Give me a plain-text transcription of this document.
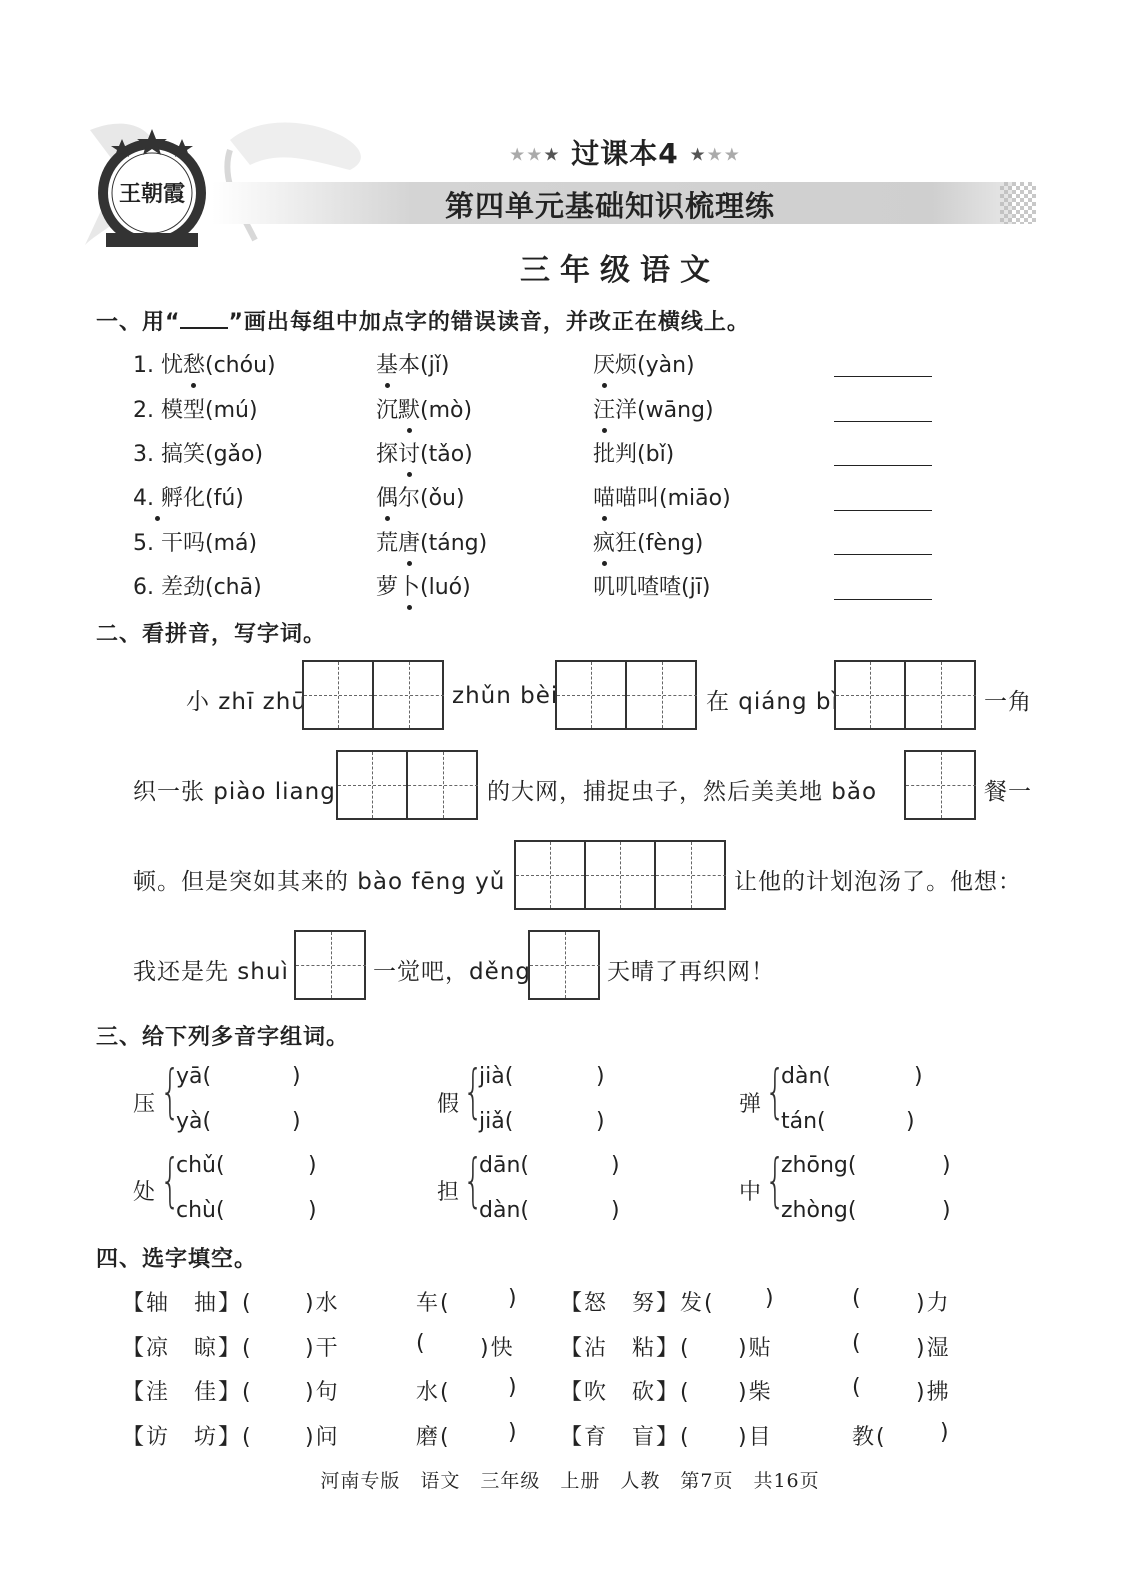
王朝霞
★★★ 过课本4 ★★★
第四单元基础知识梳理练
三年级语文
一、用“ ”画出每组中加点字的错误读音，并改正在横线上。
1. 忧愁(chóu)	基本(jǐ)	厌烦(yàn)
2. 模型(mú)	沉默(mò)	汪洋(wāng)
3. 搞笑(gǎo)	探讨(tǎo)	批判(bǐ)
4. 孵化(fú)	偶尔(ǒu)	喵喵叫(miāo)
5. 干吗(má)	荒唐(táng)	疯狂(fèng)
6. 差劲(chā)	萝卜(luó)	叽叽喳喳(jī)
二、看拼音，写字词。
小 zhī zhū	zhǔn bèi	在 qiáng bì	一角
织一张 piào liang	的大网，捕捉虫子，然后美美地 bǎo	餐一
顿。但是突如其来的 bào fēng yǔ	让他的计划泡汤了。他想：
我还是先 shuì	一觉吧，děng	天晴了再织网！
三、给下列多音字组词。
压 {
yā(	)
yà(	)
假 {
jià(	)
jiǎ(	)
弹 {
dàn(	)
tán(	)
处 {
chǔ(	)
chù(	)
担 {
dān(	)
dàn(	)
中 {
zhōng(	)
zhòng(	)
四、选字填空。
【轴　抽】( )水	车(	) 【怒　努】发( )	( )力
【凉　晾】( )干	( )快 【沾　粘】( )贴	( )湿
【洼　佳】( )句	水(	) 【吹　砍】( )柴	( )拂
【访　坊】( )问	磨(	) 【育　盲】( )目	教( )
河南专版　语文　三年级　上册　人教　第7页　共16页
